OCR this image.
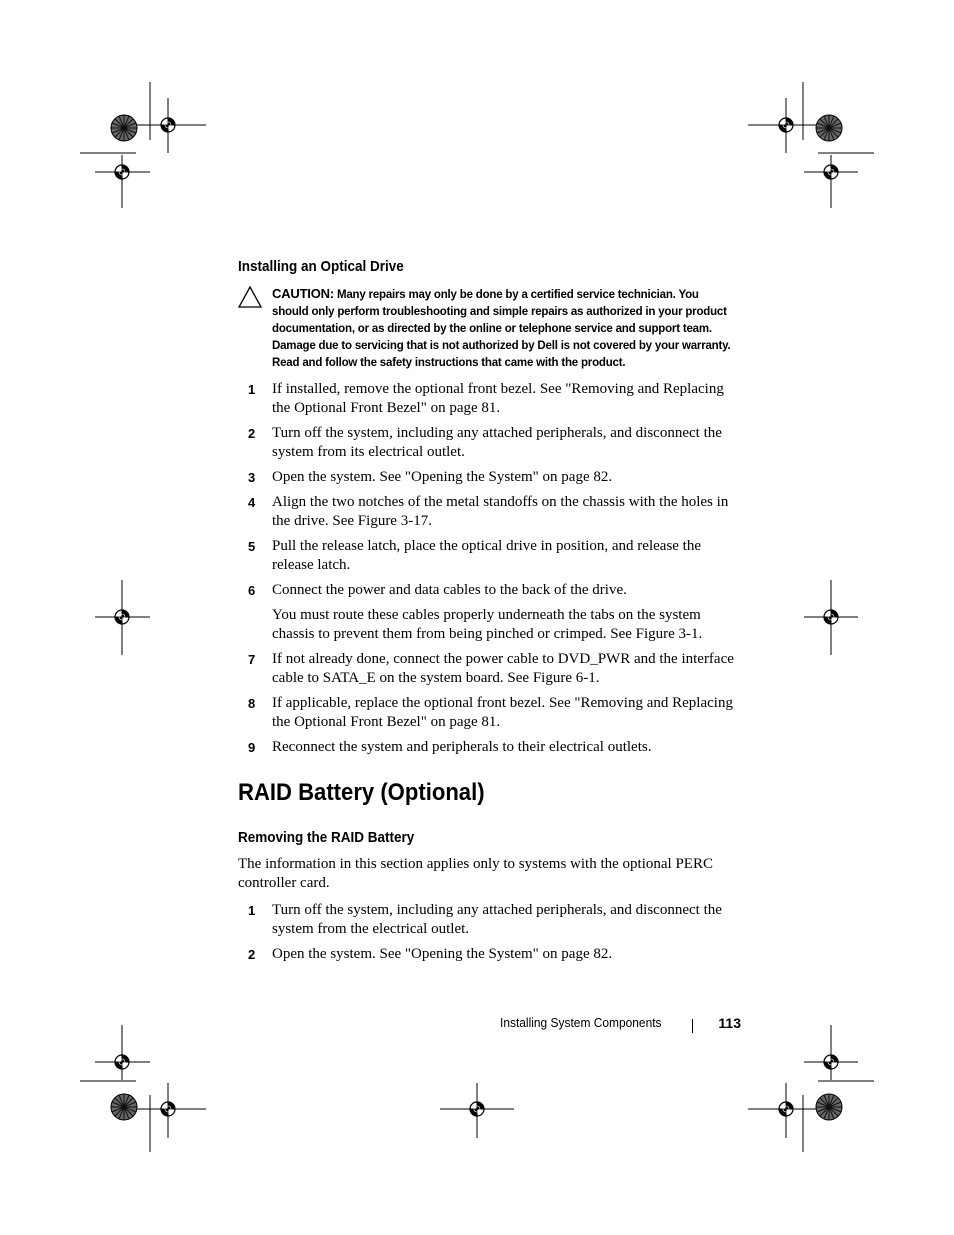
Installing an Optical Drive
CAUTION: Many repairs may only be done by a certified service technician. You should only perform troubleshooting and simple repairs as authorized in your product documentation, or as directed by the online or telephone service and support team. Damage due to servicing that is not authorized by Dell is not covered by your warranty. Read and follow the safety instructions that came with the product.
1 If installed, remove the optional front bezel. See "Removing and Replacing the Optional Front Bezel" on page 81.
2 Turn off the system, including any attached peripherals, and disconnect the system from its electrical outlet.
3 Open the system. See "Opening the System" on page 82.
4 Align the two notches of the metal standoffs on the chassis with the holes in the drive. See Figure 3-17.
5 Pull the release latch, place the optical drive in position, and release the release latch.
6 Connect the power and data cables to the back of the drive.
You must route these cables properly underneath the tabs on the system chassis to prevent them from being pinched or crimped. See Figure 3-1.
7 If not already done, connect the power cable to DVD_PWR and the interface cable to SATA_E on the system board. See Figure 6-1.
8 If applicable, replace the optional front bezel. See "Removing and Replacing the Optional Front Bezel" on page 81.
9 Reconnect the system and peripherals to their electrical outlets.
RAID Battery (Optional)
Removing the RAID Battery

The information in this section applies only to systems with the optional PERC controller card.

1 Turn off the system, including any attached peripherals, and disconnect the system from the electrical outlet.
2 Open the system. See "Opening the System" on page 82.
Installing System Components	113
